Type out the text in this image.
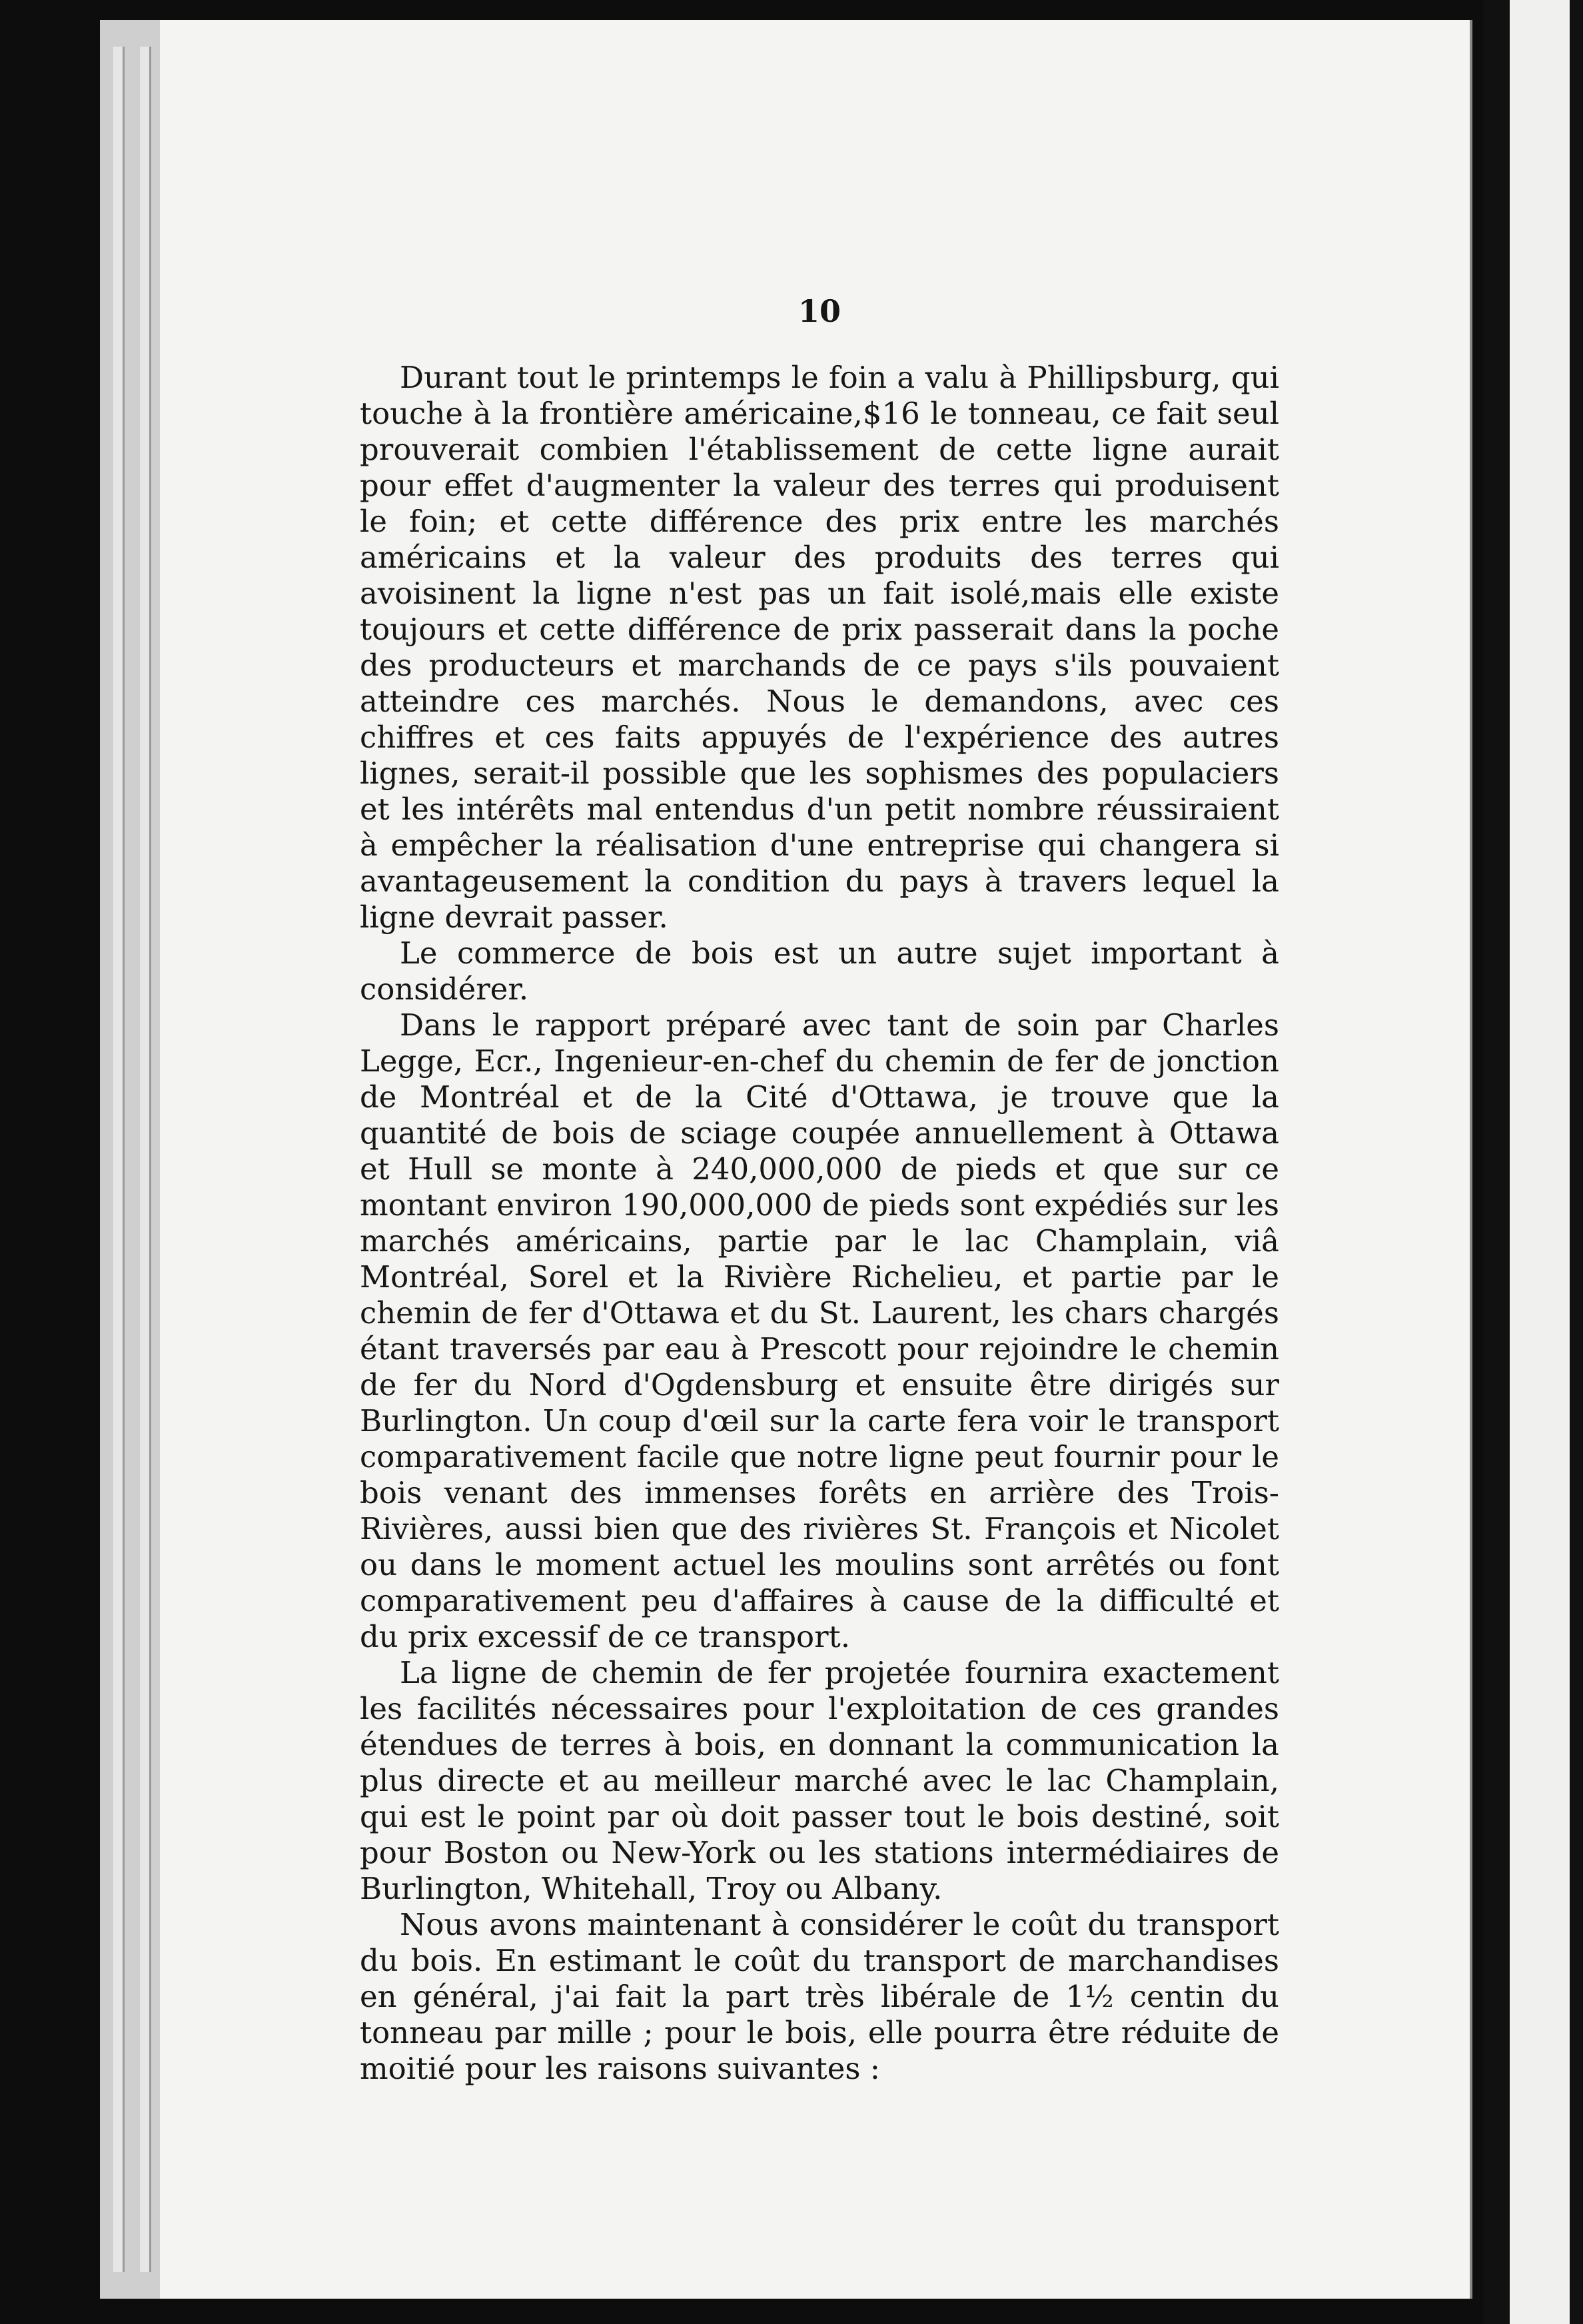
10

Durant tout le printemps le foin a valu à Phillipsburg, qui touche à la frontière américaine,$16 le tonneau, ce fait seul prouverait combien l'établissement de cette ligne aurait pour effet d'augmenter la valeur des terres qui produisent le foin; et cette différence des prix entre les marchés américains et la valeur des produits des terres qui avoisinent la ligne n'est pas un fait isolé,mais elle existe toujours et cette différence de prix passerait dans la poche des producteurs et marchands de ce pays s'ils pouvaient atteindre ces marchés. Nous le demandons, avec ces chiffres et ces faits appuyés de l'expérience des autres lignes, serait-il possible que les sophismes des populaciers et les intérêts mal entendus d'un petit nombre réussiraient à empêcher la réalisation d'une entreprise qui changera si avantageusement la condition du pays à travers lequel la ligne devrait passer.

Le commerce de bois est un autre sujet important à considérer.

Dans le rapport préparé avec tant de soin par Charles Legge, Ecr., Ingenieur-en-chef du chemin de fer de jonction de Montréal et de la Cité d'Ottawa, je trouve que la quantité de bois de sciage coupée annuellement à Ottawa et Hull se monte à 240,000,000 de pieds et que sur ce montant environ 190,000,000 de pieds sont expédiés sur les marchés américains, partie par le lac Champlain, viâ Montréal, Sorel et la Rivière Richelieu, et partie par le chemin de fer d'Ottawa et du St. Laurent, les chars chargés étant traversés par eau à Prescott pour rejoindre le chemin de fer du Nord d'Ogdensburg et ensuite être dirigés sur Burlington. Un coup d'œil sur la carte fera voir le transport comparativement facile que notre ligne peut fournir pour le bois venant des immenses forêts en arrière des Trois-Rivières, aussi bien que des rivières St. François et Nicolet ou dans le moment actuel les moulins sont arrêtés ou font comparativement peu d'affaires à cause de la difficulté et du prix excessif de ce transport.

La ligne de chemin de fer projetée fournira exactement les facilités nécessaires pour l'exploitation de ces grandes étendues de terres à bois, en donnant la communication la plus directe et au meilleur marché avec le lac Champlain, qui est le point par où doit passer tout le bois destiné, soit pour Boston ou New-York ou les stations intermédiaires de Burlington, Whitehall, Troy ou Albany.

Nous avons maintenant à considérer le coût du transport du bois. En estimant le coût du transport de marchandises en général, j'ai fait la part très libérale de 1½ centin du tonneau par mille ; pour le bois, elle pourra être réduite de moitié pour les raisons suivantes :
